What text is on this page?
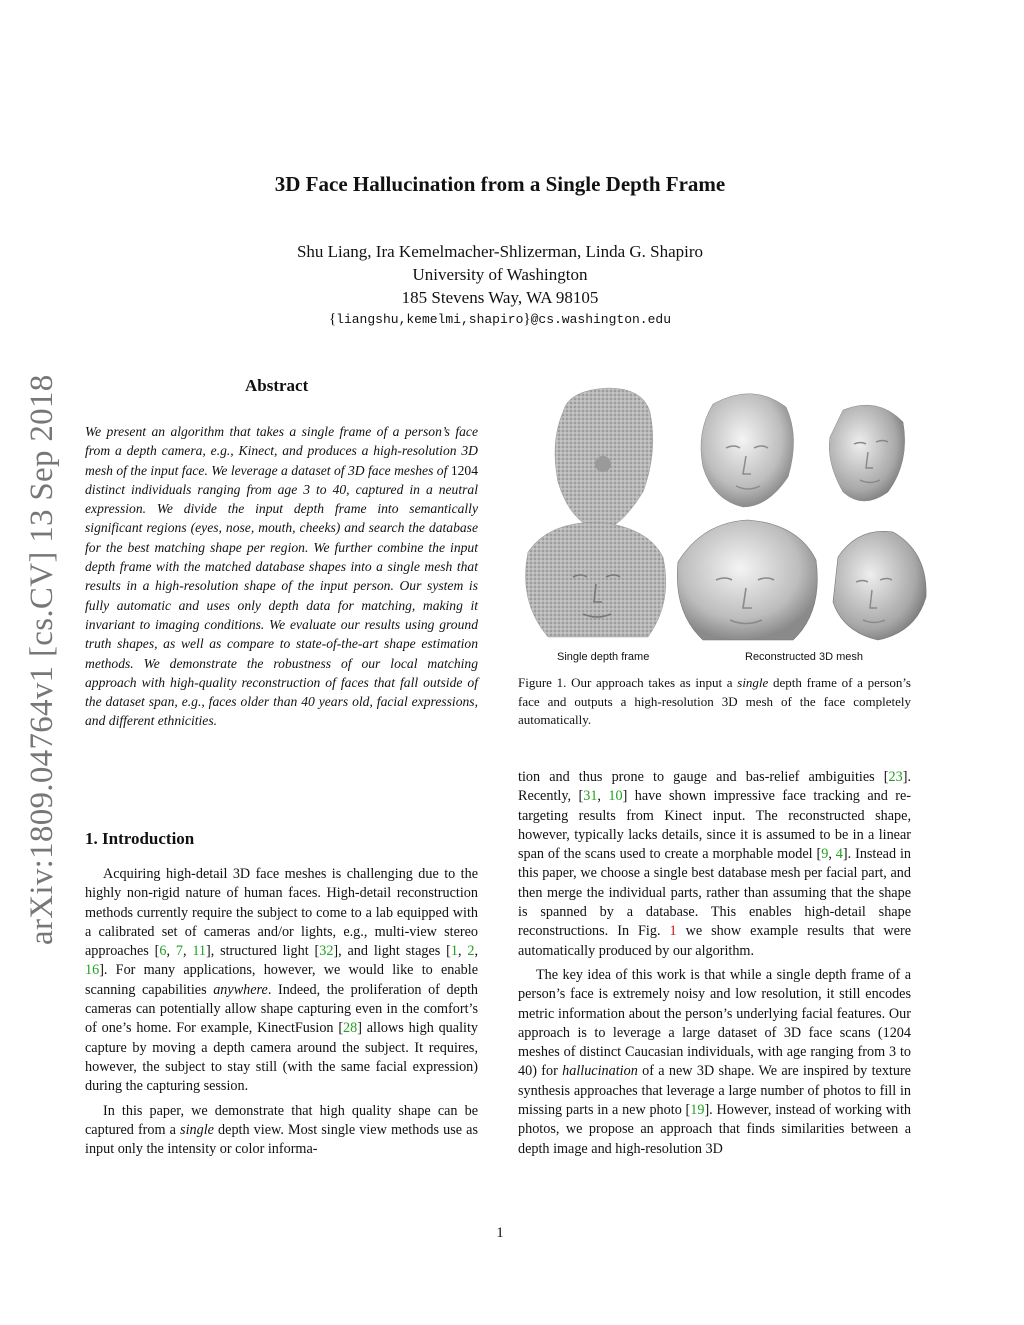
3D Face Hallucination from a Single Depth Frame
Shu Liang, Ira Kemelmacher-Shlizerman, Linda G. Shapiro
University of Washington
185 Stevens Way, WA 98105
{liangshu,kemelmi,shapiro}@cs.washington.edu
arXiv:1809.04764v1 [cs.CV] 13 Sep 2018	Abstract
We present an algorithm that takes a single frame of a person’s face from a depth camera, e.g., Kinect, and produces a high-resolution 3D mesh of the input face. We leverage a dataset of 3D face meshes of 1204 distinct individuals ranging from age 3 to 40, captured in a neutral expression. We divide the input depth frame into semantically significant regions (eyes, nose, mouth, cheeks) and search the database for the best matching shape per region. We further combine the input depth frame with the matched database shapes into a single mesh that results in a high-resolution shape of the input person. Our system is fully automatic and uses only depth data for matching, making it invariant to imaging conditions. We evaluate our results using ground truth shapes, as well as compare to state-of-the-art shape estimation methods. We demonstrate the robustness of our local matching approach with high-quality reconstruction of faces that fall outside of the dataset span, e.g., faces older than 40 years old, facial expressions, and different ethnicities.
1. Introduction

Acquiring high-detail 3D face meshes is challenging due to the highly non-rigid nature of human faces. High-detail reconstruction methods currently require the subject to come to a lab equipped with a calibrated set of cameras and/or lights, e.g., multi-view stereo approaches [6, 7, 11], structured light [32], and light stages [1, 2, 16]. For many applications, however, we would like to enable scanning capabilities anywhere. Indeed, the proliferation of depth cameras can potentially allow shape capturing even in the comfort’s of one’s home. For example, KinectFusion [28] allows high quality capture by moving a depth camera around the subject. It requires, however, the subject to stay still (with the same facial expression) during the capturing session.

In this paper, we demonstrate that high quality shape can be captured from a single depth view. Most single view methods use as input only the intensity or color informa-

Single depth frame	Reconstructed 3D mesh
Figure 1. Our approach takes as input a single depth frame of a person’s face and outputs a high-resolution 3D mesh of the face completely automatically.

tion and thus prone to gauge and bas-relief ambiguities [23]. Recently, [31, 10] have shown impressive face tracking and re-targeting results from Kinect input. The reconstructed shape, however, typically lacks details, since it is assumed to be in a linear span of the scans used to create a morphable model [9, 4]. Instead in this paper, we choose a single best database mesh per facial part, and then merge the individual parts, rather than assuming that the shape is spanned by a database. This enables high-detail shape reconstructions. In Fig. 1 we show example results that were automatically produced by our algorithm.

The key idea of this work is that while a single depth frame of a person’s face is extremely noisy and low resolution, it still encodes metric information about the person’s underlying facial features. Our approach is to leverage a large dataset of 3D face scans (1204 meshes of distinct Caucasian individuals, with age ranging from 3 to 40) for hallucination of a new 3D shape. We are inspired by texture synthesis approaches that leverage a large number of photos to fill in missing parts in a new photo [19]. However, instead of working with photos, we propose an approach that finds similarities between a depth image and high-resolution 3D

1
